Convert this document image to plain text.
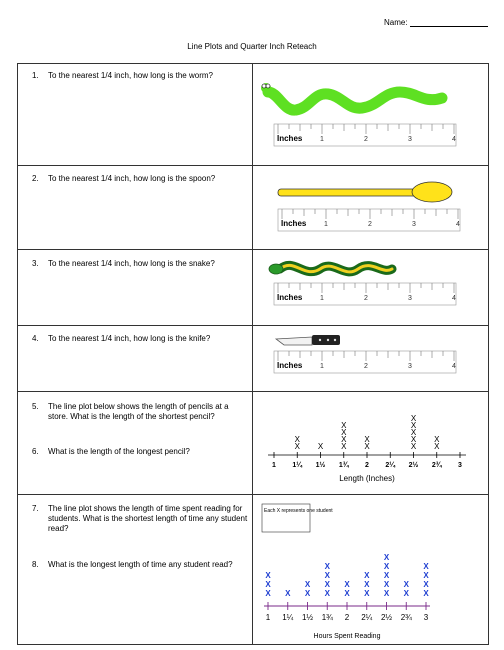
Name:
Line Plots and Quarter Inch Reteach
1. To the nearest 1/4 inch, how long is the worm?
Inches	1	2	3	4
2. To the nearest 1/4 inch, how long is the spoon?
Inches	1	2	3	4
3. To the nearest 1/4 inch, how long is the snake?
Inches	1	2	3	4
4. To the nearest 1/4 inch, how long is the knife?
Inches	1	2	3	4
5. The line plot below shows the length of pencils at a store. What is the length of the shortest pencil?
6. What is the length of the longest pencil?
1 1¼
X
X
1½
X
1¾
X
X
X
X
2
X
X
2¼ 2½
X
X
X
X
X
2¾
X
X
3
Length (Inches)
7. The line plot shows the length of time spent reading for students. What is the shortest length of time any student read?
8. What is the longest length of time any student read?
Each X represents one student
1
X
X
X
1¼
X
1½
X
X
1¾
X
X
X
X
2
X
X
2¼
X
X
X
2½
X
X
X
X
X
2¾
X
X
3
X
X
X
X
Hours Spent Reading
